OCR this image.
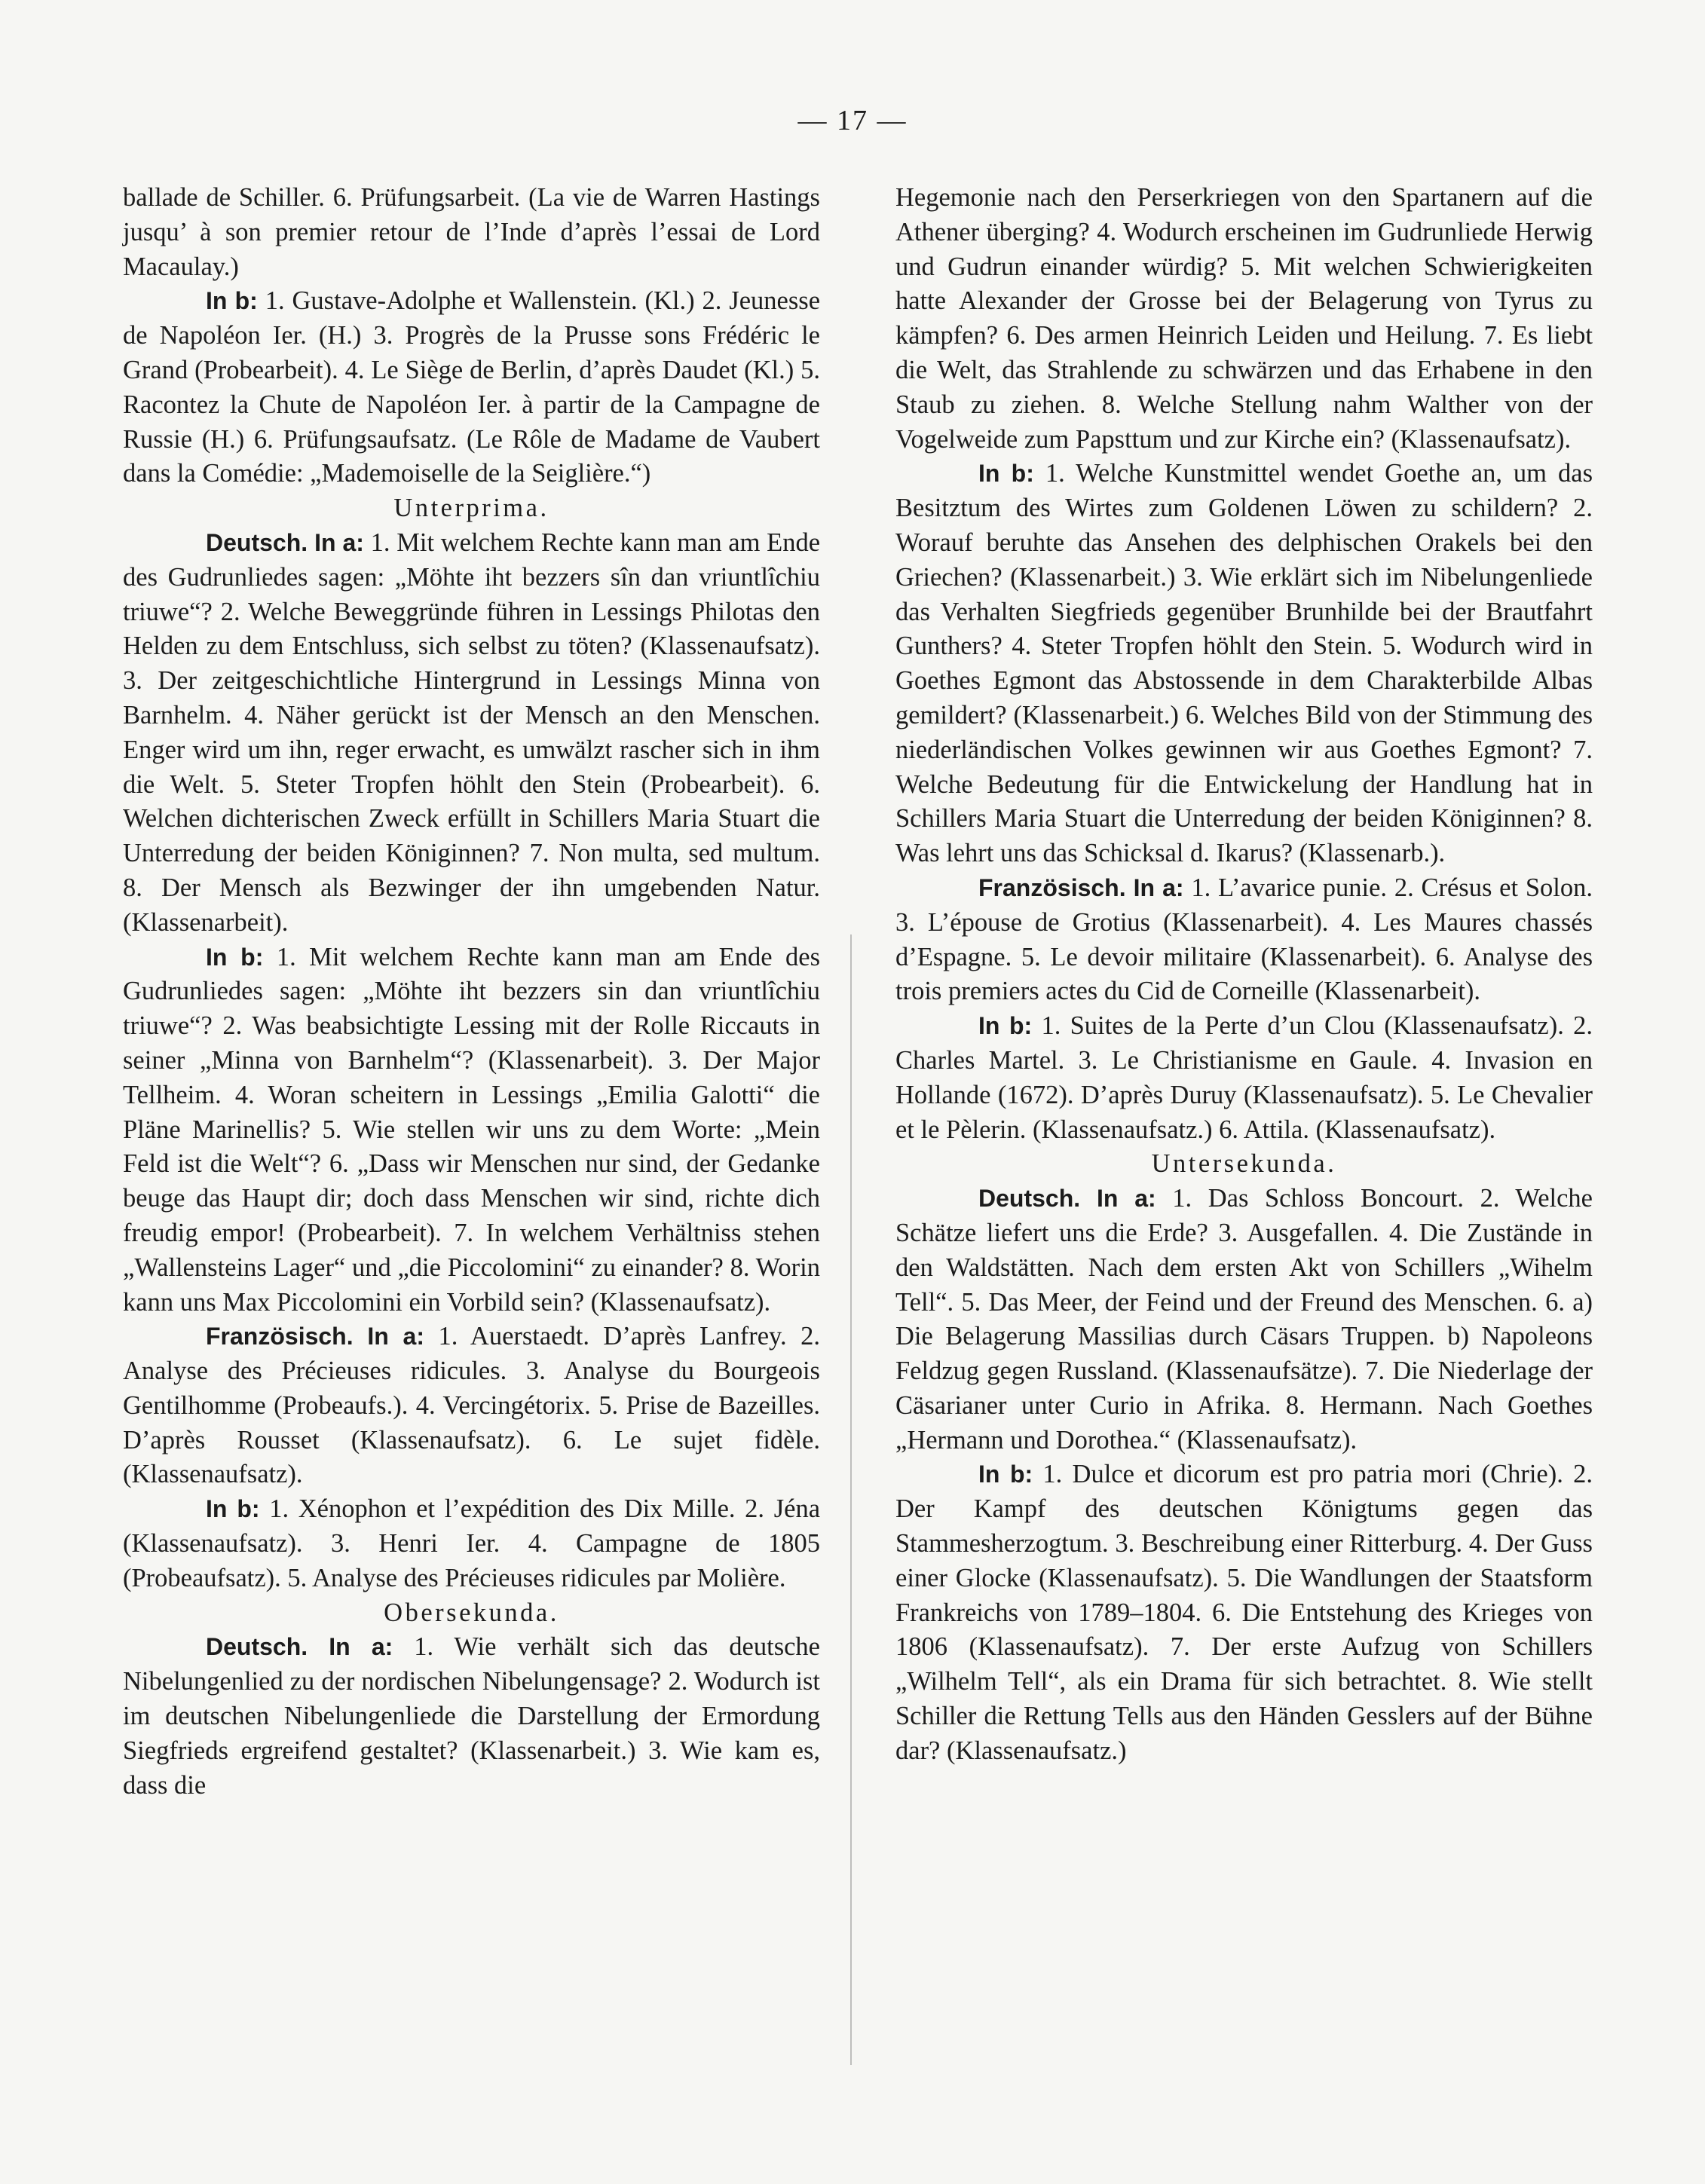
— 17 —

ballade de Schiller. 6. Prüfungsarbeit. (La vie de Warren Hastings jusqu’ à son premier retour de l’Inde d’après l’essai de Lord Macaulay.)

In b: 1. Gustave-Adolphe et Wallenstein. (Kl.) 2. Jeunesse de Napoléon Ier. (H.) 3. Progrès de la Prusse sons Frédéric le Grand (Probearbeit). 4. Le Siège de Berlin, d’après Daudet (Kl.) 5. Racontez la Chute de Napoléon Ier. à partir de la Campagne de Russie (H.) 6. Prüfungsaufsatz. (Le Rôle de Madame de Vaubert dans la Comédie: „Mademoiselle de la Seiglière.“)

Unterprima.

Deutsch. In a: 1. Mit welchem Rechte kann man am Ende des Gudrunliedes sagen: „Möhte iht bezzers sîn dan vriuntlîchiu triuwe“? 2. Welche Beweggründe führen in Lessings Philotas den Helden zu dem Entschluss, sich selbst zu töten? (Klassenaufsatz). 3. Der zeitgeschichtliche Hintergrund in Lessings Minna von Barnhelm. 4. Näher gerückt ist der Mensch an den Menschen. Enger wird um ihn, reger erwacht, es umwälzt rascher sich in ihm die Welt. 5. Steter Tropfen höhlt den Stein (Probearbeit). 6. Welchen dichterischen Zweck erfüllt in Schillers Maria Stuart die Unterredung der beiden Königinnen? 7. Non multa, sed multum. 8. Der Mensch als Bezwinger der ihn umgebenden Natur. (Klassenarbeit).

In b: 1. Mit welchem Rechte kann man am Ende des Gudrunliedes sagen: „Möhte iht bezzers sin dan vriuntlîchiu triuwe“? 2. Was beabsichtigte Lessing mit der Rolle Riccauts in seiner „Minna von Barnhelm“? (Klassenarbeit). 3. Der Major Tellheim. 4. Woran scheitern in Lessings „Emilia Galotti“ die Pläne Marinellis? 5. Wie stellen wir uns zu dem Worte: „Mein Feld ist die Welt“? 6. „Dass wir Menschen nur sind, der Gedanke beuge das Haupt dir; doch dass Menschen wir sind, richte dich freudig empor! (Probearbeit). 7. In welchem Verhältniss stehen „Wallensteins Lager“ und „die Piccolomini“ zu einander? 8. Worin kann uns Max Piccolomini ein Vorbild sein? (Klassenaufsatz).

Französisch. In a: 1. Auerstaedt. D’après Lanfrey. 2. Analyse des Précieuses ridicules. 3. Analyse du Bourgeois Gentilhomme (Probeaufs.). 4. Vercingétorix. 5. Prise de Bazeilles. D’après Rousset (Klassenaufsatz). 6. Le sujet fidèle. (Klassenaufsatz).

In b: 1. Xénophon et l’expédition des Dix Mille. 2. Jéna (Klassenaufsatz). 3. Henri Ier. 4. Campagne de 1805 (Probeaufsatz). 5. Analyse des Précieuses ridicules par Molière.

Obersekunda.

Deutsch. In a: 1. Wie verhält sich das deutsche Nibelungenlied zu der nordischen Nibelungensage? 2. Wodurch ist im deutschen Nibelungenliede die Darstellung der Ermordung Siegfrieds ergreifend gestaltet? (Klassenarbeit.) 3. Wie kam es, dass die

Hegemonie nach den Perserkriegen von den Spartanern auf die Athener überging? 4. Wodurch erscheinen im Gudrunliede Herwig und Gudrun einander würdig? 5. Mit welchen Schwierigkeiten hatte Alexander der Grosse bei der Belagerung von Tyrus zu kämpfen? 6. Des armen Heinrich Leiden und Heilung. 7. Es liebt die Welt, das Strahlende zu schwärzen und das Erhabene in den Staub zu ziehen. 8. Welche Stellung nahm Walther von der Vogelweide zum Papsttum und zur Kirche ein? (Klassenaufsatz).

In b: 1. Welche Kunstmittel wendet Goethe an, um das Besitztum des Wirtes zum Goldenen Löwen zu schildern? 2. Worauf beruhte das Ansehen des delphischen Orakels bei den Griechen? (Klassenarbeit.) 3. Wie erklärt sich im Nibelungenliede das Verhalten Siegfrieds gegenüber Brunhilde bei der Brautfahrt Gunthers? 4. Steter Tropfen höhlt den Stein. 5. Wodurch wird in Goethes Egmont das Abstossende in dem Charakterbilde Albas gemildert? (Klassenarbeit.) 6. Welches Bild von der Stimmung des niederländischen Volkes gewinnen wir aus Goethes Egmont? 7. Welche Bedeutung für die Entwickelung der Handlung hat in Schillers Maria Stuart die Unterredung der beiden Königinnen? 8. Was lehrt uns das Schicksal d. Ikarus? (Klassenarb.).

Französisch. In a: 1. L’avarice punie. 2. Crésus et Solon. 3. L’épouse de Grotius (Klassenarbeit). 4. Les Maures chassés d’Espagne. 5. Le devoir militaire (Klassenarbeit). 6. Analyse des trois premiers actes du Cid de Corneille (Klassenarbeit).

In b: 1. Suites de la Perte d’un Clou (Klassenaufsatz). 2. Charles Martel. 3. Le Christianisme en Gaule. 4. Invasion en Hollande (1672). D’après Duruy (Klassenaufsatz). 5. Le Chevalier et le Pèlerin. (Klassenaufsatz.) 6. Attila. (Klassenaufsatz).

Untersekunda.

Deutsch. In a: 1. Das Schloss Boncourt. 2. Welche Schätze liefert uns die Erde? 3. Ausgefallen. 4. Die Zustände in den Waldstätten. Nach dem ersten Akt von Schillers „Wihelm Tell“. 5. Das Meer, der Feind und der Freund des Menschen. 6. a) Die Belagerung Massilias durch Cäsars Truppen. b) Napoleons Feldzug gegen Russland. (Klassenaufsätze). 7. Die Niederlage der Cäsarianer unter Curio in Afrika. 8. Hermann. Nach Goethes „Hermann und Dorothea.“ (Klassenaufsatz).

In b: 1. Dulce et dicorum est pro patria mori (Chrie). 2. Der Kampf des deutschen Königtums gegen das Stammesherzogtum. 3. Beschreibung einer Ritterburg. 4. Der Guss einer Glocke (Klassenaufsatz). 5. Die Wandlungen der Staatsform Frankreichs von 1789–1804. 6. Die Entstehung des Krieges von 1806 (Klassenaufsatz). 7. Der erste Aufzug von Schillers „Wilhelm Tell“, als ein Drama für sich betrachtet. 8. Wie stellt Schiller die Rettung Tells aus den Händen Gesslers auf der Bühne dar? (Klassenaufsatz.)
